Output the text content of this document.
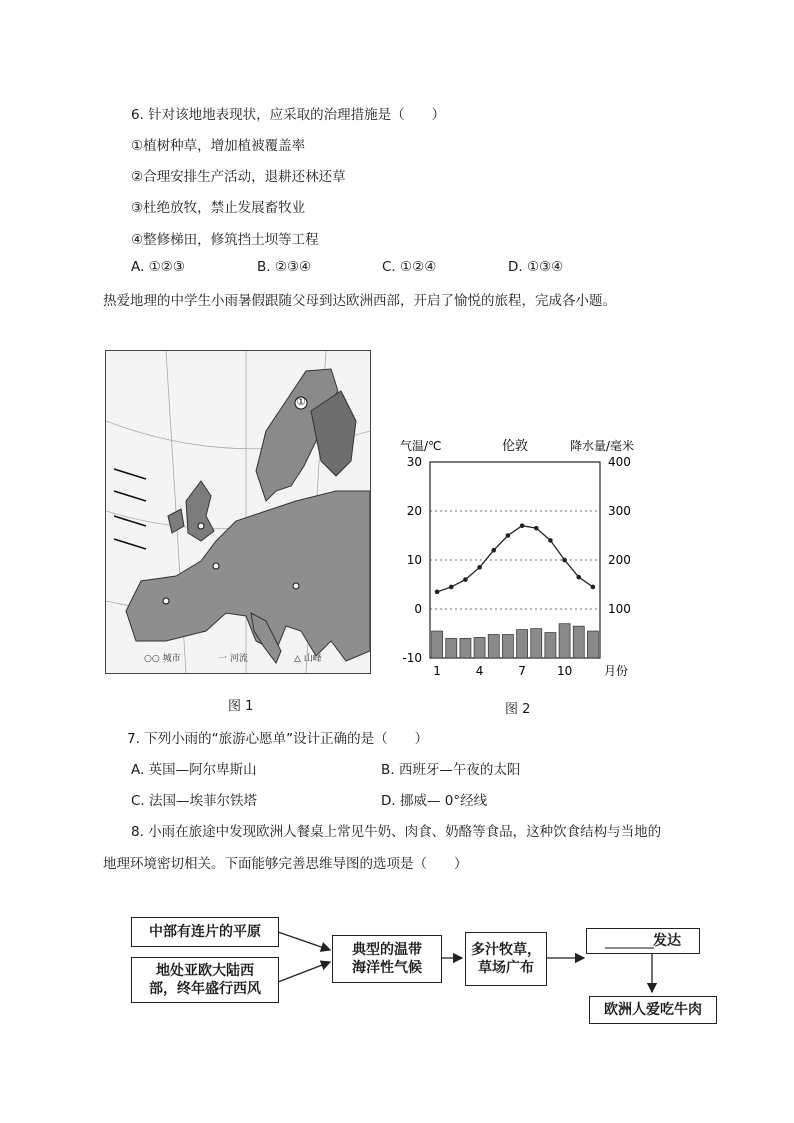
6. 针对该地地表现状，应采取的治理措施是（　　）
①植树种草，增加植被覆盖率
②合理安排生产活动，退耕还林还草
③杜绝放牧，禁止发展畜牧业
④整修梯田，修筑挡土坝等工程
A. ①②③	B. ②③④	C. ①②④	D. ①③④
热爱地理的中学生小雨暑假跟随父母到达欧洲西部，开启了愉悦的旅程，完成各小题。
①
○○ 城市	一 河流	△ 山峰
图 1
30
20
10
0
-10
400
300
200
100
1	4	7	10
气温/℃	伦敦	降水量/毫米
月份
图 2
7. 下列小雨的“旅游心愿单”设计正确的是（　　）
A. 英国—阿尔卑斯山	B. 西班牙—午夜的太阳
C. 法国—埃菲尔铁塔	D. 挪威— 0°经线
8. 小雨在旅途中发现欧洲人餐桌上常见牛奶、肉食、奶酪等食品，这种饮食结构与当地的
地理环境密切相关。下面能够完善思维导图的选项是（　　）
中部有连片的平原
地处亚欧大陆西
部，终年盛行西风
典型的温带
海洋性气候
多汁牧草，
草场广布
________ 发达
欧洲人爱吃牛肉
